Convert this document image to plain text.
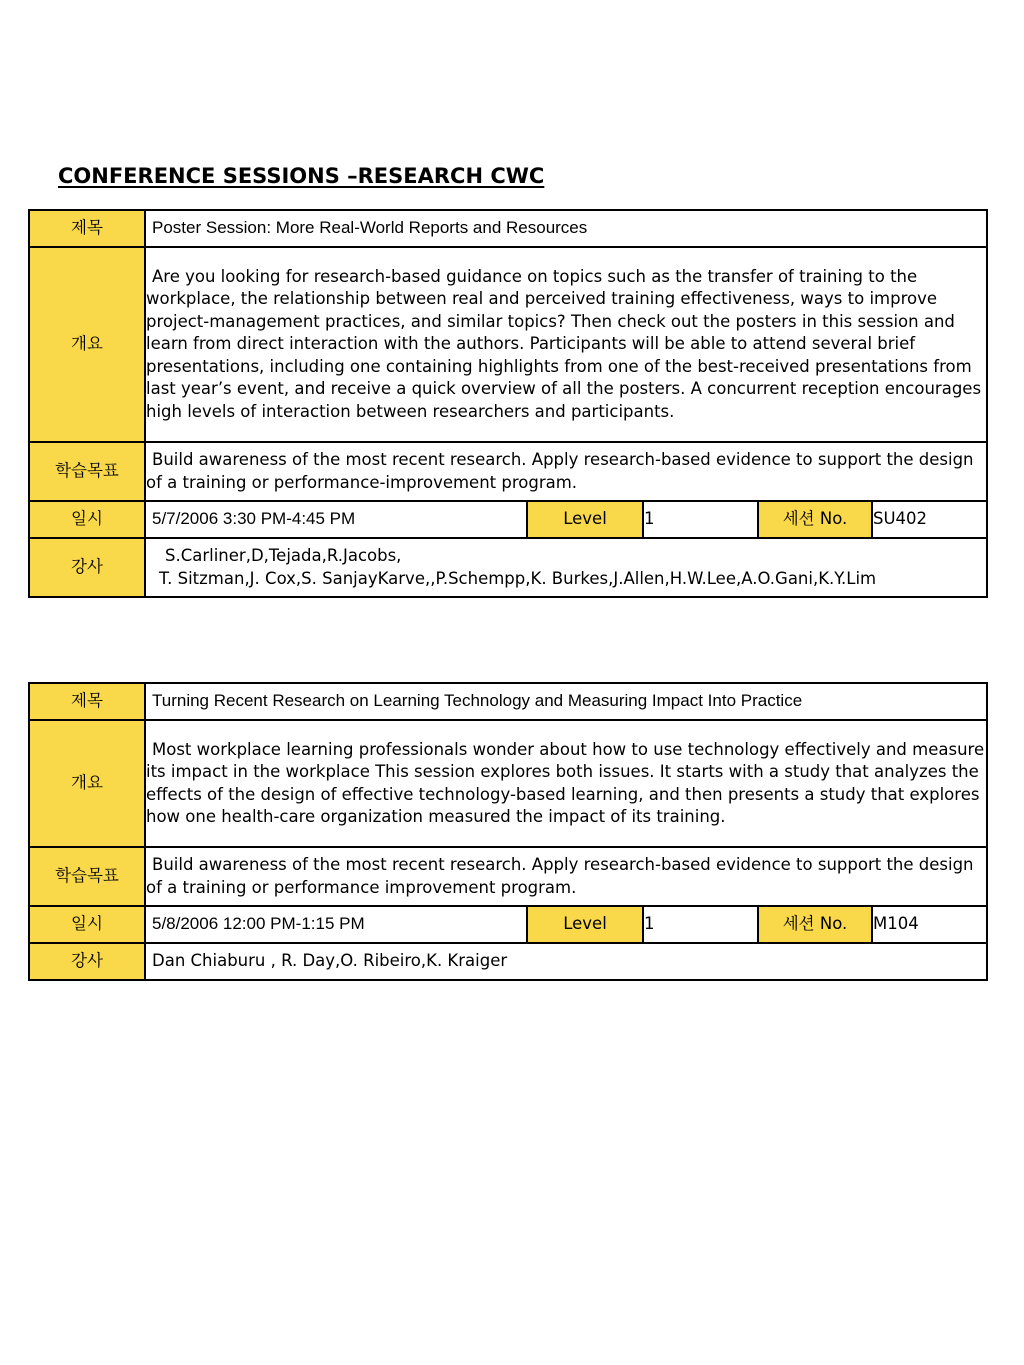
CONFERENCE SESSIONS –RESEARCH CWC
제목	Poster Session: More Real-World Reports and Resources				
개요	Are you looking for research-based guidance on topics such as the transfer of training to the workplace, the relationship between real and perceived training effectiveness, ways to improve project-management practices, and similar topics? Then check out the posters in this session and learn from direct interaction with the authors. Participants will be able to attend several brief presentations, including one containing highlights from one of the best-received presentations from last year’s event, and receive a quick overview of all the posters. A concurrent reception encourages high levels of interaction between researchers and participants.				

학습목표	Build awareness of the most recent research. Apply research-based evidence to support the design of a training or performance-improvement program.				

일시	5/7/2006 3:30 PM-4:45 PM	Level	1	세션 No.	SU402
강사	S.Carliner,D,Tejada,R.Jacobs,
T. Sitzman,J. Cox,S. SanjayKarve,,P.Schempp,K. Burkes,J.Allen,H.W.Lee,A.O.Gani,K.Y.Lim				
제목	Turning Recent Research on Learning Technology and Measuring Impact Into Practice				
개요	Most workplace learning professionals wonder about how to use technology effectively and measure its impact in the workplace This session explores both issues. It starts with a study that analyzes the effects of the design of effective technology-based learning, and then presents a study that explores how one health-care organization measured the impact of its training.				

학습목표	Build awareness of the most recent research. Apply research-based evidence to support the design of a training or performance improvement program.				

일시	5/8/2006 12:00 PM-1:15 PM	Level	1	세션 No.	M104
강사	Dan Chiaburu , R. Day,O. Ribeiro,K. Kraiger				
